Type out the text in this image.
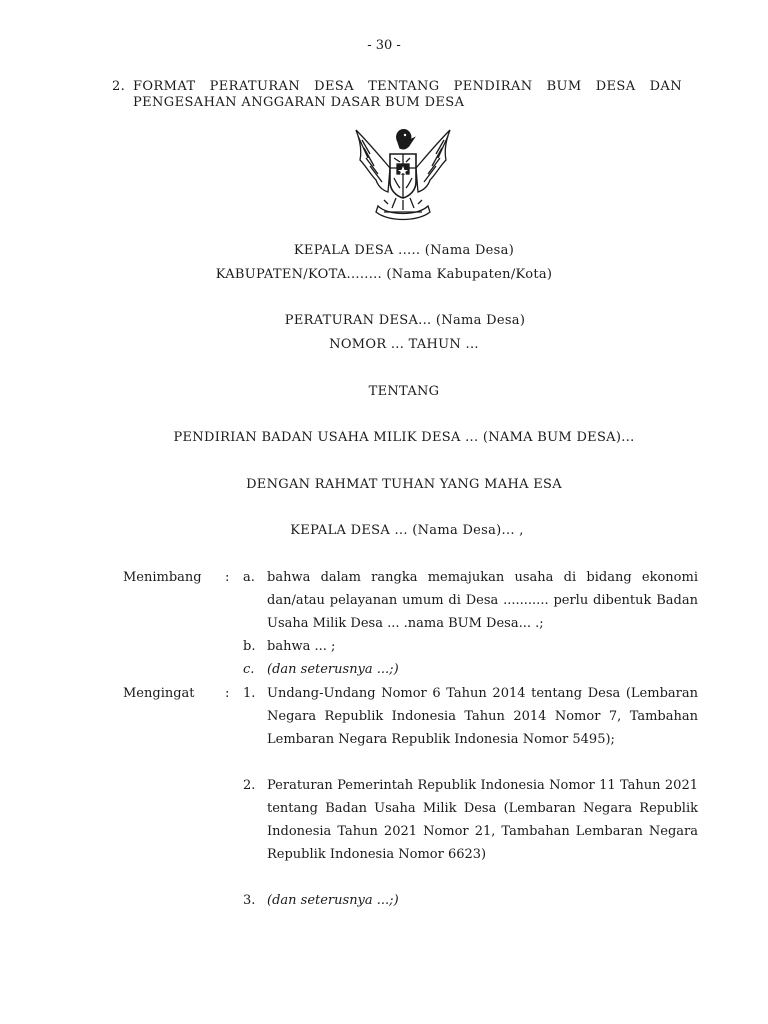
- 30 -
2. FORMAT PERATURAN DESA TENTANG PENDIRAN BUM DESA DAN PENGESAHAN ANGGARAN DASAR BUM DESA
KEPALA DESA ..... (Nama Desa)
KABUPATEN/KOTA........ (Nama Kabupaten/Kota)
PERATURAN DESA... (Nama Desa)
NOMOR ... TAHUN ...
TENTANG
PENDIRIAN BADAN USAHA MILIK DESA ... (NAMA BUM DESA)...
DENGAN RAHMAT TUHAN YANG MAHA ESA
KEPALA DESA ... (Nama Desa)... ,
Menimbang : a. bahwa dalam rangka memajukan usaha di bidang ekonomi dan/atau pelayanan umum di Desa ........... perlu dibentuk Badan Usaha Milik Desa ... .nama BUM Desa... .;
b. bahwa ... ;
c. (dan seterusnya ...;)
Mengingat : 1. Undang-Undang Nomor 6 Tahun 2014 tentang Desa (Lembaran Negara Republik Indonesia Tahun 2014 Nomor 7, Tambahan Lembaran Negara Republik Indonesia Nomor 5495);
2. Peraturan Pemerintah Republik Indonesia Nomor 11 Tahun 2021 tentang Badan Usaha Milik Desa (Lembaran Negara Republik Indonesia Tahun 2021 Nomor 21, Tambahan Lembaran Negara Republik Indonesia Nomor 6623)
3. (dan seterusnya ...;)
